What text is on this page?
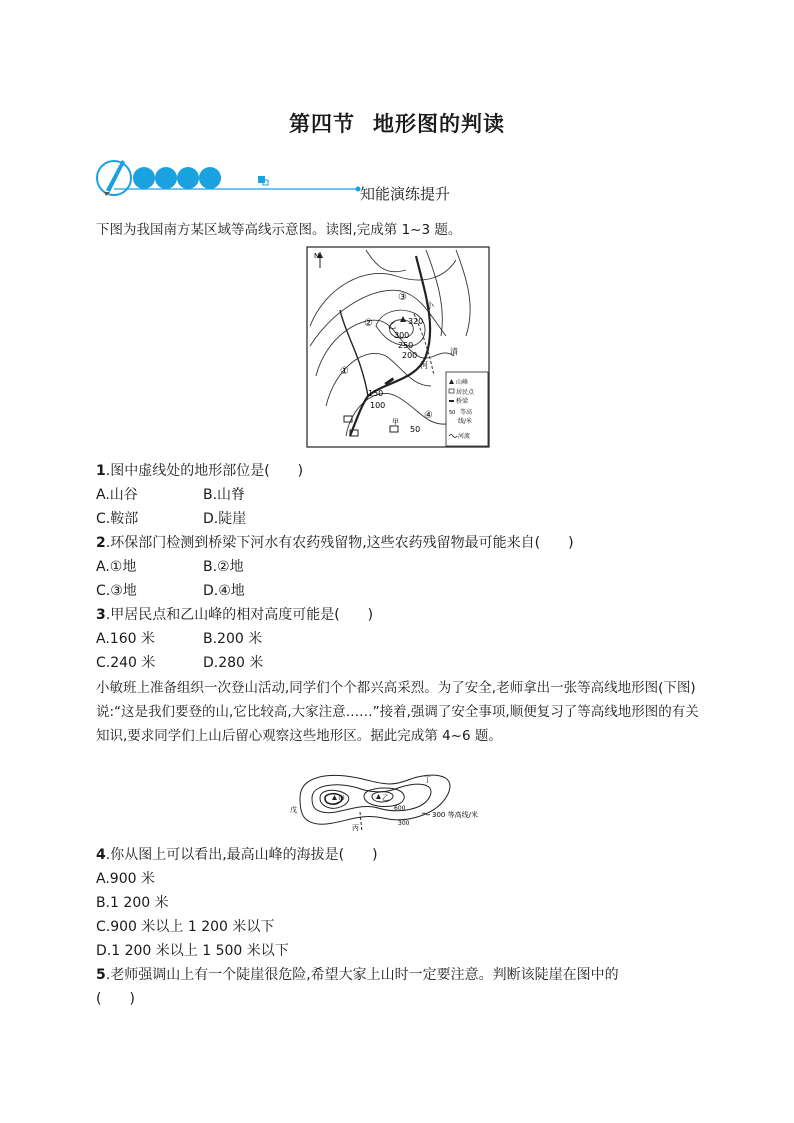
第四节 地形图的判读
知能演练提升
下图为我国南方某区域等高线示意图。读图,完成第 1~3 题。
N
320
乙
300
250
200
150
100
50
①
②
③
④
甲
小
清
河
山峰
居民点
桥梁
50 等高
线/米
河流
1.图中虚线处的地形部位是(　　)
A.山谷	B.山脊
C.鞍部	D.陡崖
2.环保部门检测到桥梁下河水有农药残留物,这些农药残留物最可能来自(　　)
A.①地	B.②地
C.③地	D.④地
3.甲居民点和乙山峰的相对高度可能是(　　)
A.160 米	B.200 米
C.240 米	D.280 米
小敏班上准备组织一次登山活动,同学们个个都兴高采烈。为了安全,老师拿出一张等高线地形图(下图)说:“这是我们要登的山,它比较高,大家注意……”接着,强调了安全事项,顺便复习了等高线地形图的有关知识,要求同学们上山后留心观察这些地形区。据此完成第 4~6 题。
甲	乙
丙
丁
戊	600
300
300 等高线/米
4.你从图上可以看出,最高山峰的海拔是(　　)
A.900 米
B.1 200 米
C.900 米以上 1 200 米以下
D.1 200 米以上 1 500 米以下
5.老师强调山上有一个陡崖很危险,希望大家上山时一定要注意。判断该陡崖在图中的
(　　)
